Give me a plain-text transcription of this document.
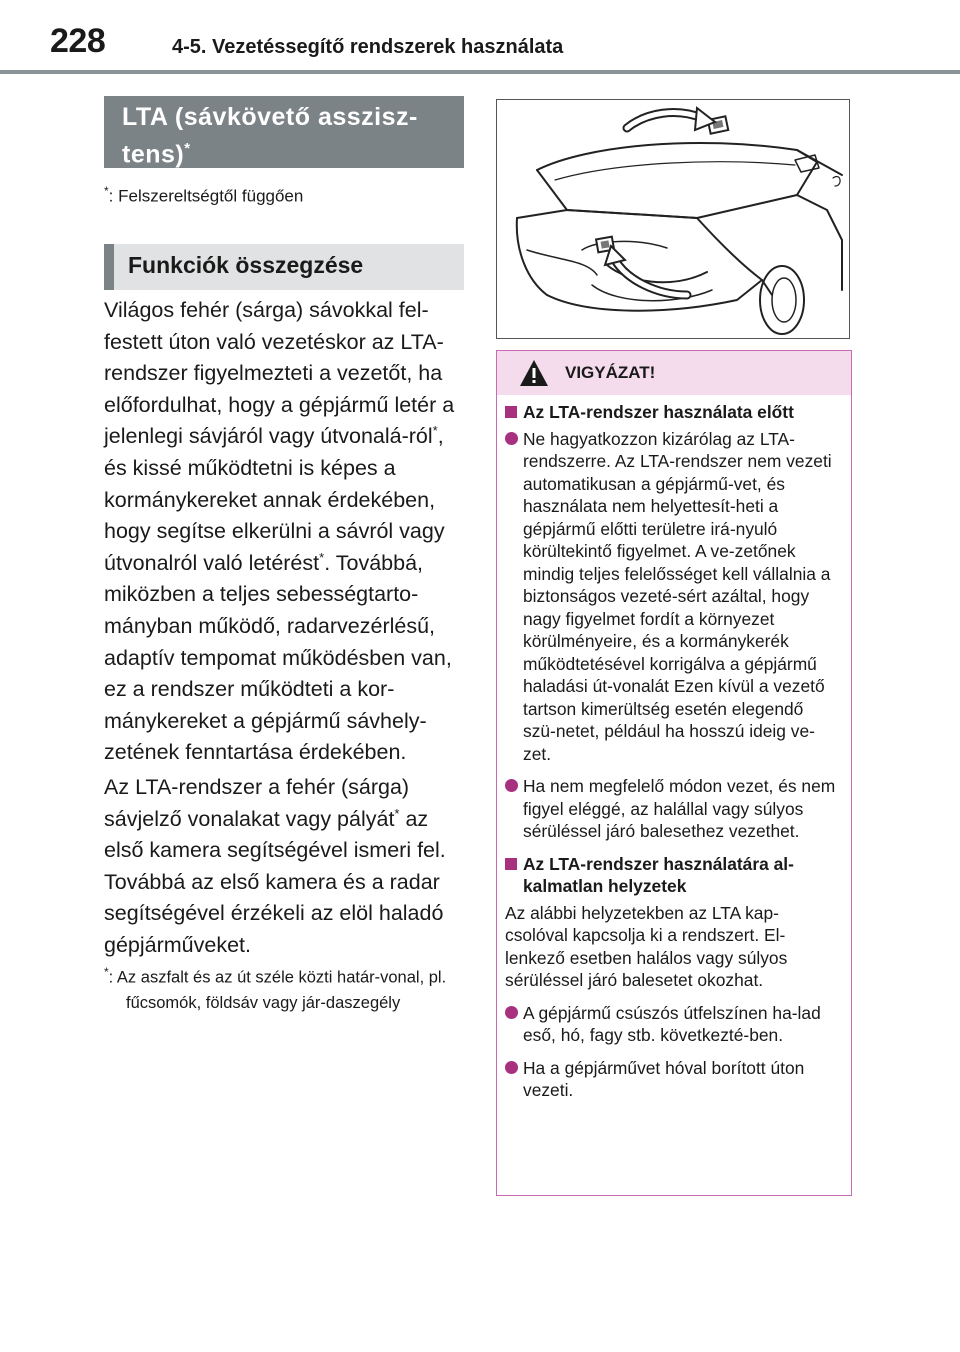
228	4-5. Vezetéssegítő rendszerek használata
LTA (sávkövető asszisz-
tens)*
*: Felszereltségtől függően
Funkciók összegzése

Világos fehér (sárga) sávokkal fel-festett úton való vezetéskor az LTA-rendszer figyelmezteti a vezetőt, ha előfordulhat, hogy a gépjármű letér a jelenlegi sávjáról vagy útvonalá-ról*, és kissé működtetni is képes a kormánykereket annak érdekében, hogy segítse elkerülni a sávról vagy útvonalról való letérést*. Továbbá, miközben a teljes sebességtarto-mányban működő, radarvezérlésű, adaptív tempomat működésben van, ez a rendszer működteti a kor-mánykereket a gépjármű sávhely-zetének fenntartása érdekében.

Az LTA-rendszer a fehér (sárga) sávjelző vonalakat vagy pályát* az első kamera segítségével ismeri fel. Továbbá az első kamera és a radar segítségével érzékeli az elöl haladó gépjárműveket.

*: Az aszfalt és az út széle közti határ-vonal, pl. fűcsomók, földsáv vagy jár-daszegély
VIGYÁZAT!
Az LTA-rendszer használata előtt
Ne hagyatkozzon kizárólag az LTA-rendszerre. Az LTA-rendszer nem vezeti automatikusan a gépjármű-vet, és használata nem helyettesít-heti a gépjármű előtti területre irá-nyuló körültekintő figyelmet. A ve-zetőnek mindig teljes felelősséget kell vállalnia a biztonságos vezeté-sért azáltal, hogy nagy figyelmet fordít a környezet körülményeire, és a kormánykerék működtetésével korrigálva a gépjármű haladási út-vonalát Ezen kívül a vezető tartson kimerültség esetén elegendő szü-netet, például ha hosszú ideig ve-zet.
Ha nem megfelelő módon vezet, és nem figyel eléggé, az halállal vagy súlyos sérüléssel járó balesethez vezethet.
Az LTA-rendszer használatára al-kalmatlan helyzetek
Az alábbi helyzetekben az LTA kap-csolóval kapcsolja ki a rendszert. El-lenkező esetben halálos vagy súlyos sérüléssel járó balesetet okozhat.
A gépjármű csúszós útfelszínen ha-lad eső, hó, fagy stb. következté-ben.
Ha a gépjárművet hóval borított úton vezeti.
